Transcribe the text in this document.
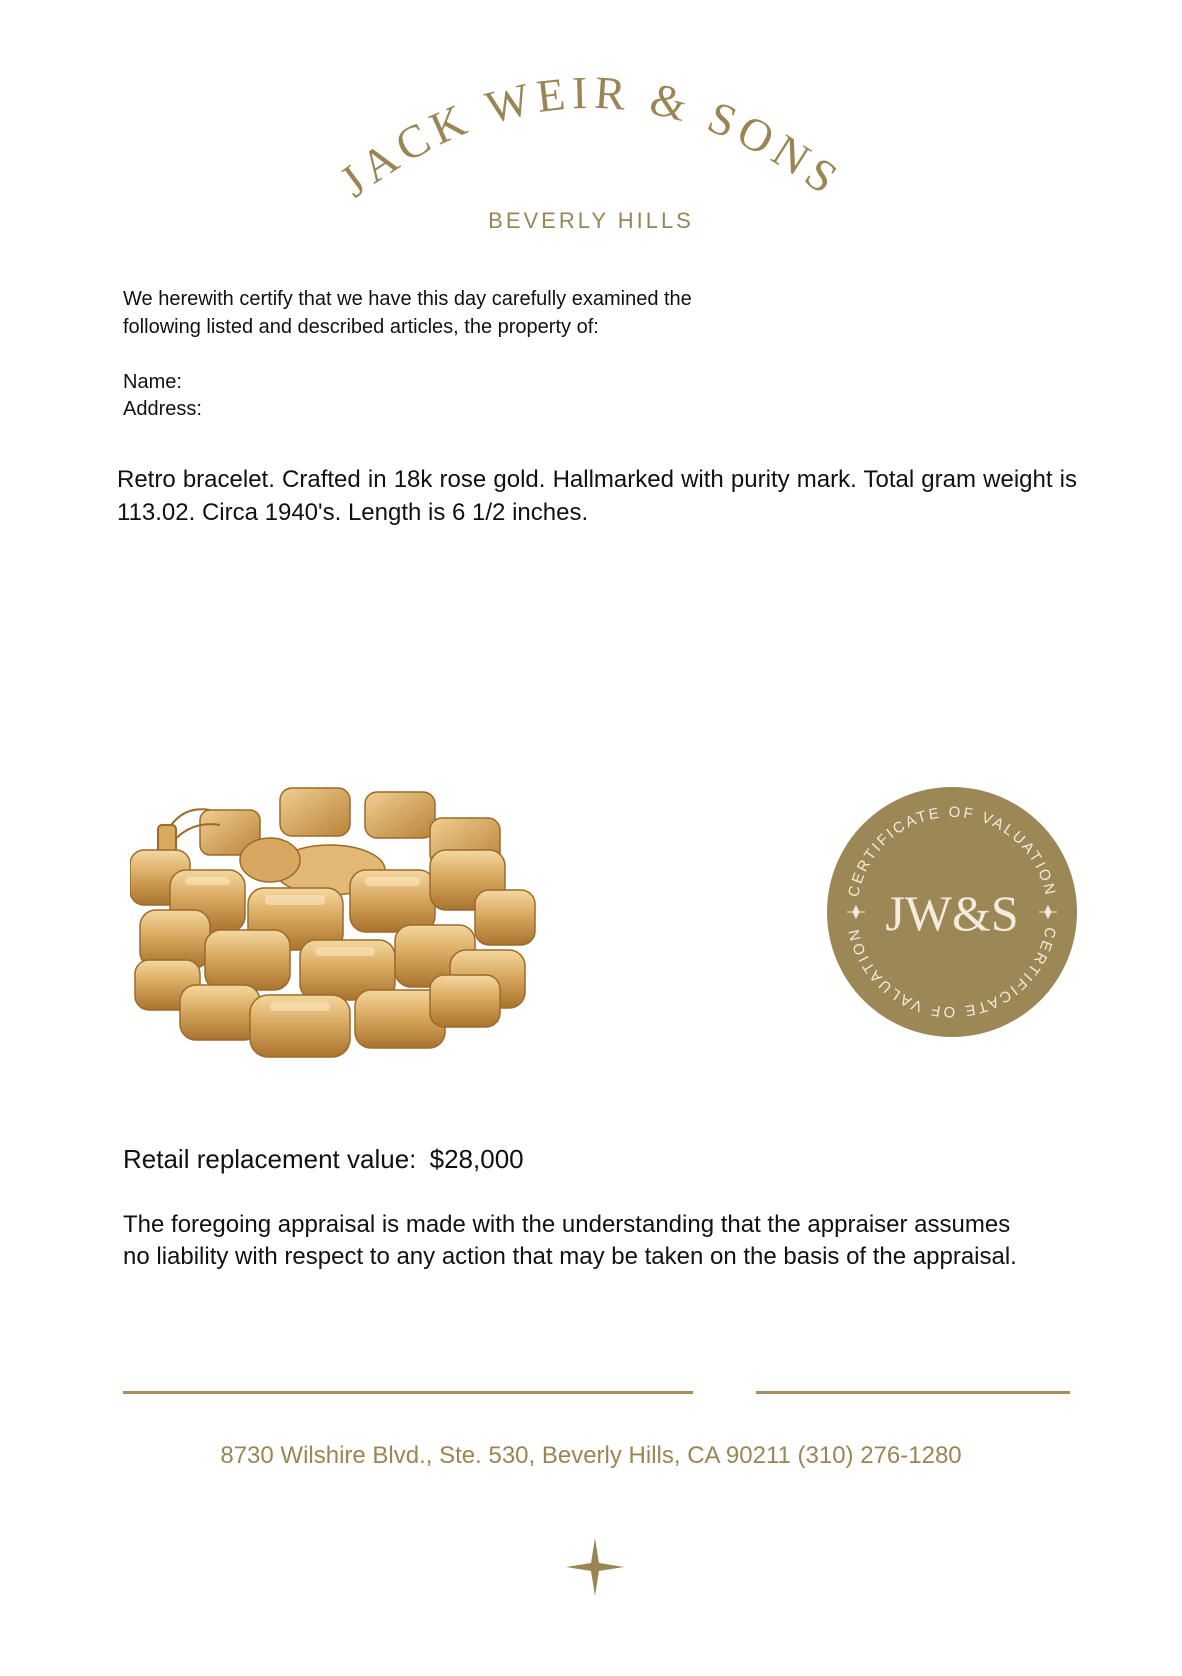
JACK WEIR & SONS
BEVERLY HILLS
We herewith certify that we have this day carefully examined the
following listed and described articles, the property of:
Name:
Address:
Retro bracelet. Crafted in 18k rose gold. Hallmarked with purity mark. Total gram weight is 113.02. Circa 1940's. Length is 6 1/2 inches.
CERTIFICATE OF VALUATION
CERTIFICATE OF VALUATION JW&S
Retail replacement value: $28,000
The foregoing appraisal is made with the understanding that the appraiser assumes no liability with respect to any action that may be taken on the basis of the appraisal.
8730 Wilshire Blvd., Ste. 530, Beverly Hills, CA 90211 (310) 276-1280
